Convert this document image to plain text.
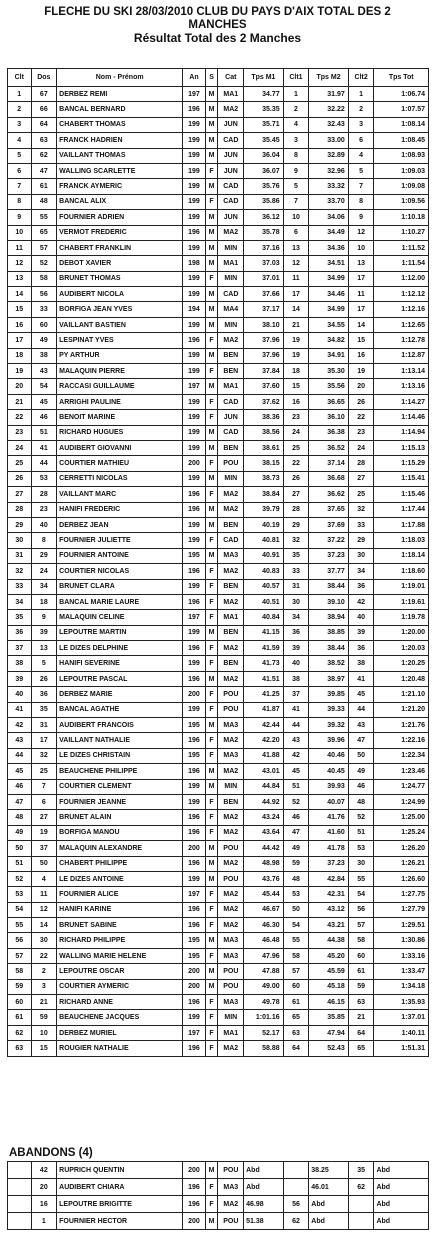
FLECHE DU SKI 28/03/2010 CLUB DU PAYS D'AIX TOTAL DES 2
MANCHES
Résultat Total des 2 Manches
Clt	Dos	Nom - Prénom	An	S	Cat	Tps M1	Clt1	Tps M2	Clt2	Tps Tot
1	67	DERBEZ REMI	197	M	MA1	34.77	1	31.97	1	1:06.74
2	66	BANCAL BERNARD	196	M	MA2	35.35	2	32.22	2	1:07.57
3	64	CHABERT THOMAS	199	M	JUN	35.71	4	32.43	3	1:08.14
4	63	FRANCK HADRIEN	199	M	CAD	35.45	3	33.00	6	1:08.45
5	62	VAILLANT THOMAS	199	M	JUN	36.04	8	32.89	4	1:08.93
6	47	WALLING SCARLETTE	199	F	JUN	36.07	9	32.96	5	1:09.03
7	61	FRANCK AYMERIC	199	M	CAD	35.76	5	33.32	7	1:09.08
8	48	BANCAL ALIX	199	F	CAD	35.86	7	33.70	8	1:09.56
9	55	FOURNIER ADRIEN	199	M	JUN	36.12	10	34.06	9	1:10.18
10	65	VERMOT FREDERIC	196	M	MA2	35.78	6	34.49	12	1:10.27
11	57	CHABERT FRANKLIN	199	M	MIN	37.16	13	34.36	10	1:11.52
12	52	DEBOT XAVIER	198	M	MA1	37.03	12	34.51	13	1:11.54
13	58	BRUNET THOMAS	199	F	MIN	37.01	11	34.99	17	1:12.00
14	56	AUDIBERT NICOLA	199	M	CAD	37.66	17	34.46	11	1:12.12
15	33	BORFIGA JEAN YVES	194	M	MA4	37.17	14	34.99	17	1:12.16
16	60	VAILLANT BASTIEN	199	M	MIN	38.10	21	34.55	14	1:12.65
17	49	LESPINAT YVES	196	F	MA2	37.96	19	34.82	15	1:12.78
18	38	PY ARTHUR	199	M	BEN	37.96	19	34.91	16	1:12.87
19	43	MALAQUIN PIERRE	199	F	BEN	37.84	18	35.30	19	1:13.14
20	54	RACCASI GUILLAUME	197	M	MA1	37.60	15	35.56	20	1:13.16
21	45	ARRIGHI PAULINE	199	F	CAD	37.62	16	36.65	26	1:14.27
22	46	BENOIT MARINE	199	F	JUN	38.36	23	36.10	22	1:14.46
23	51	RICHARD HUGUES	199	M	CAD	38.56	24	36.38	23	1:14.94
24	41	AUDIBERT GIOVANNI	199	M	BEN	38.61	25	36.52	24	1:15.13
25	44	COURTIER MATHIEU	200	F	POU	38.15	22	37.14	28	1:15.29
26	53	CERRETTI NICOLAS	199	M	MIN	38.73	26	36.68	27	1:15.41
27	28	VAILLANT MARC	196	F	MA2	38.84	27	36.62	25	1:15.46
28	23	HANIFI FREDERIC	196	M	MA2	39.79	28	37.65	32	1:17.44
29	40	DERBEZ JEAN	199	M	BEN	40.19	29	37.69	33	1:17.88
30	8	FOURNIER JULIETTE	199	F	CAD	40.81	32	37.22	29	1:18.03
31	29	FOURNIER ANTOINE	195	M	MA3	40.91	35	37.23	30	1:18.14
32	24	COURTIER NICOLAS	196	F	MA2	40.83	33	37.77	34	1:18.60
33	34	BRUNET CLARA	199	F	BEN	40.57	31	38.44	36	1:19.01
34	18	BANCAL MARIE LAURE	196	F	MA2	40.51	30	39.10	42	1:19.61
35	9	MALAQUIN CELINE	197	F	MA1	40.84	34	38.94	40	1:19.78
36	39	LEPOUTRE MARTIN	199	M	BEN	41.15	36	38.85	39	1:20.00
37	13	LE DIZES DELPHINE	196	F	MA2	41.59	39	38.44	36	1:20.03
38	5	HANIFI SEVERINE	199	F	BEN	41.73	40	38.52	38	1:20.25
39	26	LEPOUTRE PASCAL	196	M	MA2	41.51	38	38.97	41	1:20.48
40	36	DERBEZ MARIE	200	F	POU	41.25	37	39.85	45	1:21.10
41	35	BANCAL AGATHE	199	F	POU	41.87	41	39.33	44	1:21.20
42	31	AUDIBERT FRANCOIS	195	M	MA3	42.44	44	39.32	43	1:21.76
43	17	VAILLANT NATHALIE	196	F	MA2	42.20	43	39.96	47	1:22.16
44	32	LE DIZES CHRISTAIN	195	F	MA3	41.88	42	40.46	50	1:22.34
45	25	BEAUCHENE PHILIPPE	196	M	MA2	43.01	45	40.45	49	1:23.46
46	7	COURTIER CLEMENT	199	M	MIN	44.84	51	39.93	46	1:24.77
47	6	FOURNIER JEANNE	199	F	BEN	44.92	52	40.07	48	1:24.99
48	27	BRUNET ALAIN	196	F	MA2	43.24	46	41.76	52	1:25.00
49	19	BORFIGA MANOU	196	F	MA2	43.64	47	41.60	51	1:25.24
50	37	MALAQUIN ALEXANDRE	200	M	POU	44.42	49	41.78	53	1:26.20
51	50	CHABERT PHILIPPE	196	M	MA2	48.98	59	37.23	30	1:26.21
52	4	LE DIZES ANTOINE	199	M	POU	43.76	48	42.84	55	1:26.60
53	11	FOURNIER ALICE	197	F	MA2	45.44	53	42.31	54	1:27.75
54	12	HANIFI KARINE	196	F	MA2	46.67	50	43.12	56	1:27.79
55	14	BRUNET SABINE	196	F	MA2	46.30	54	43.21	57	1:29.51
56	30	RICHARD PHILIPPE	195	M	MA3	46.48	55	44.38	58	1:30.86
57	22	WALLING MARIE HELENE	195	F	MA3	47.96	58	45.20	60	1:33.16
58	2	LEPOUTRE OSCAR	200	M	POU	47.88	57	45.59	61	1:33.47
59	3	COURTIER AYMERIC	200	M	POU	49.00	60	45.18	59	1:34.18
60	21	RICHARD ANNE	196	F	MA3	49.78	61	46.15	63	1:35.93
61	59	BEAUCHENE JACQUES	199	F	MIN	1:01.16	65	35.85	21	1:37.01
62	10	DERBEZ MURIEL	197	F	MA1	52.17	63	47.94	64	1:40.11
63	15	ROUGIER NATHALIE	196	F	MA2	58.88	64	52.43	65	1:51.31
ABANDONS (4)
	42	RUPRICH QUENTIN	200	M	POU	Abd		38.25	35	Abd
	20	AUDIBERT CHIARA	196	F	MA3	Abd		46.01	62	Abd
	16	LEPOUTRE BRIGITTE	196	F	MA2	46.98	56	Abd		Abd
	1	FOURNIER HECTOR	200	M	POU	51.38	62	Abd		Abd
